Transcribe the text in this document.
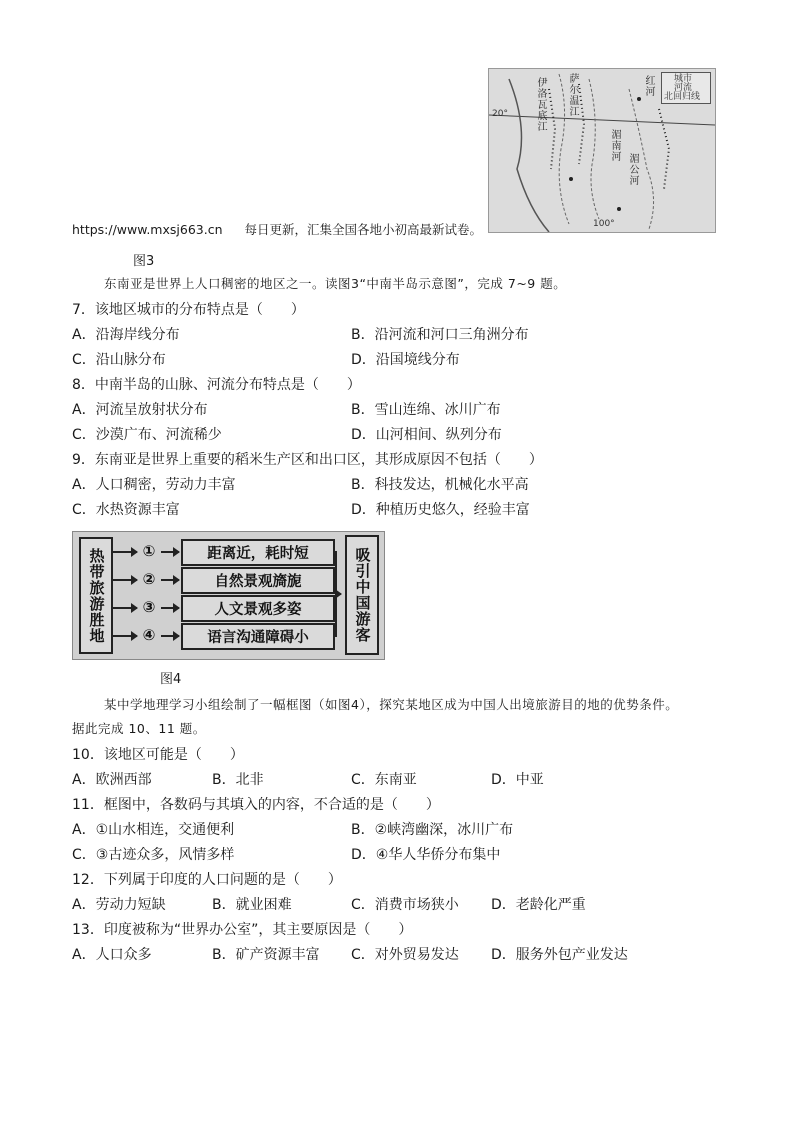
城市
河流
北回归线
20°
100°
伊洛瓦底江
湄南河
湄公河
红河
萨尔温江
https://www.mxsj663.cn 每日更新，汇集全国各地小初高最新试卷。
图3
东南亚是世界上人口稠密的地区之一。读图3“中南半岛示意图”，完成 7~9 题。
7．该地区城市的分布特点是（　　）
A．沿海岸线分布	B．沿河流和河口三角洲分布
C．沿山脉分布	D．沿国境线分布
8．中南半岛的山脉、河流分布特点是（　　）
A．河流呈放射状分布	B．雪山连绵、冰川广布
C．沙漠广布、河流稀少	D．山河相间、纵列分布
9．东南亚是世界上重要的稻米生产区和出口区，其形成原因不包括（　　）
A．人口稠密，劳动力丰富	B．科技发达，机械化水平高
C．水热资源丰富	D．种植历史悠久，经验丰富
热带旅游胜地	吸引中国游客
①
②
③
④
距离近，耗时短
自然景观旖旎
人文景观多姿
语言沟通障碍小
图4
某中学地理学习小组绘制了一幅框图（如图4），探究某地区成为中国人出境旅游目的地的优势条件。
据此完成 10、11 题。
10．该地区可能是（　　）
A．欧洲西部	B．北非	C．东南亚	D．中亚
11．框图中，各数码与其填入的内容，不合适的是（　　）
A．①山水相连，交通便利	B．②峡湾幽深，冰川广布
C．③古迹众多，风情多样	D．④华人华侨分布集中
12．下列属于印度的人口问题的是（　　）
A．劳动力短缺	B．就业困难	C．消费市场狭小 D．老龄化严重
13．印度被称为“世界办公室”，其主要原因是（　　）
A．人口众多	B．矿产资源丰富 C．对外贸易发达 D．服务外包产业发达
